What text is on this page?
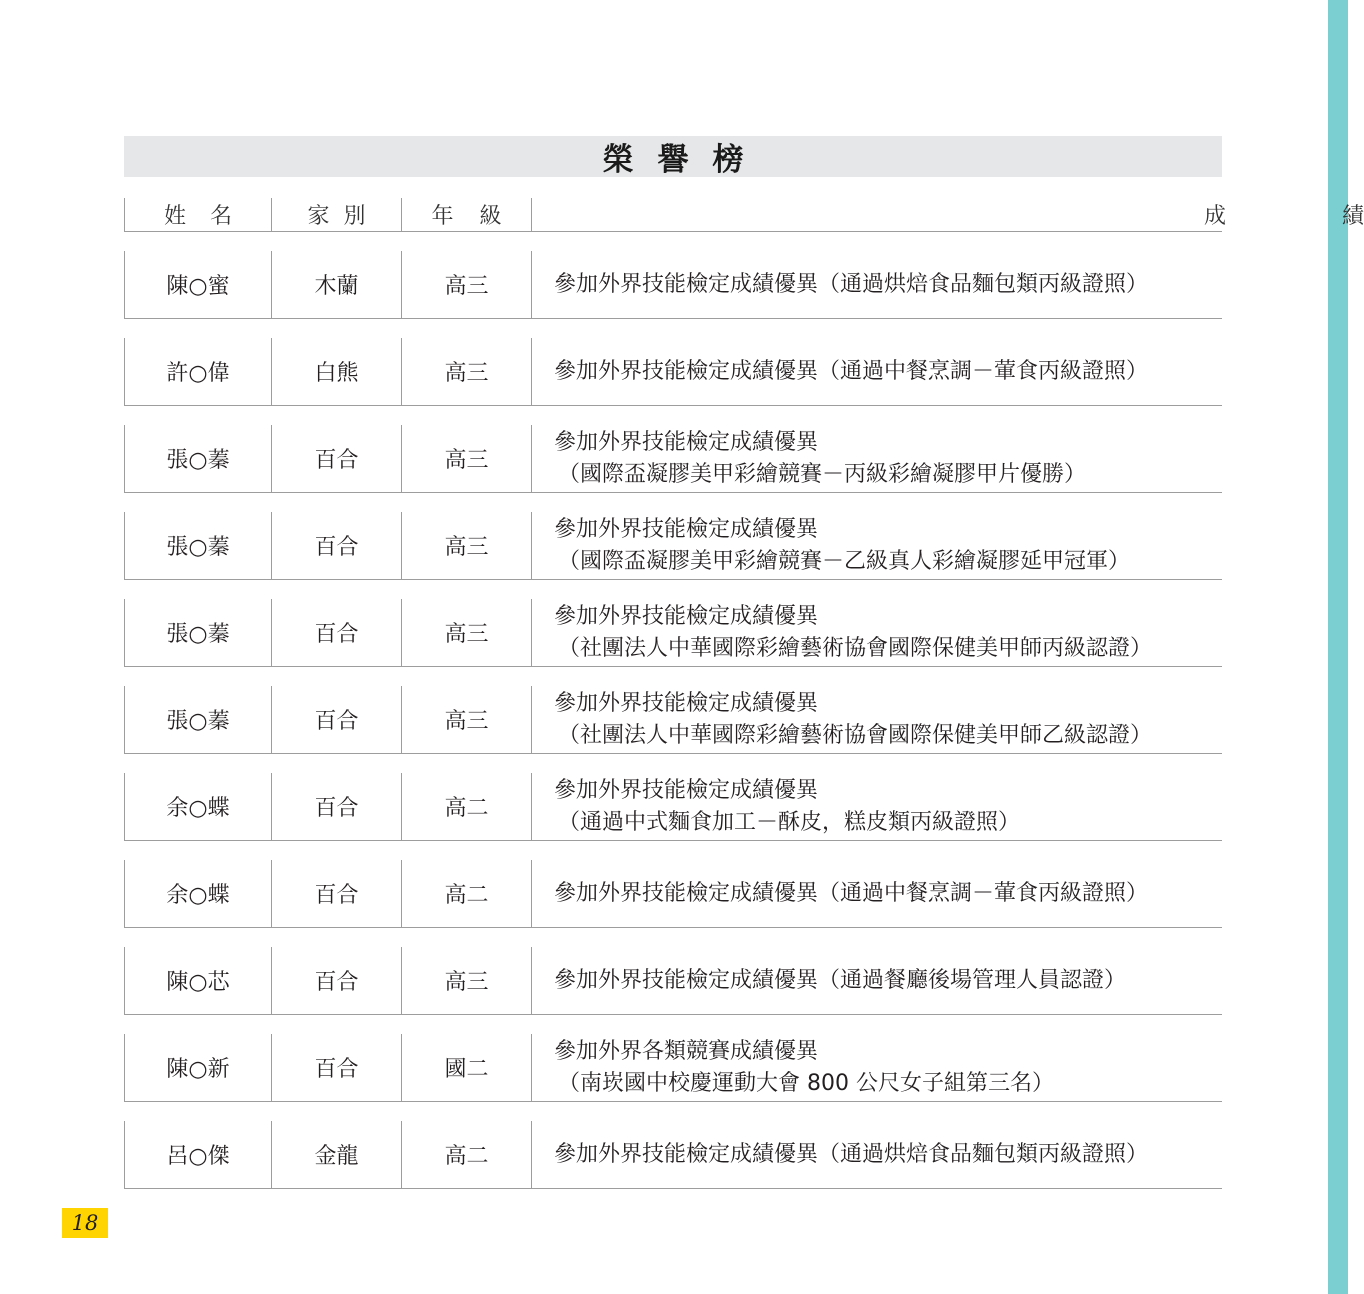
榮譽榜
姓名 家別 年級	成	績
陳○蜜	木蘭	高三	參加外界技能檢定成績優異（通過烘焙食品麵包類丙級證照）
許○偉	白熊	高三	參加外界技能檢定成績優異（通過中餐烹調－葷食丙級證照）
張○蓁	百合	高三
參加外界技能檢定成績優異
（國際盃凝膠美甲彩繪競賽－丙級彩繪凝膠甲片優勝）
張○蓁	百合	高三
參加外界技能檢定成績優異
（國際盃凝膠美甲彩繪競賽－乙級真人彩繪凝膠延甲冠軍）
張○蓁	百合	高三
參加外界技能檢定成績優異
（社團法人中華國際彩繪藝術協會國際保健美甲師丙級認證）
張○蓁	百合	高三
參加外界技能檢定成績優異
（社團法人中華國際彩繪藝術協會國際保健美甲師乙級認證）
余○蝶	百合	高二
參加外界技能檢定成績優異
（通過中式麵食加工－酥皮，糕皮類丙級證照）
余○蝶	百合	高二	參加外界技能檢定成績優異（通過中餐烹調－葷食丙級證照）
陳○芯	百合	高三	參加外界技能檢定成績優異（通過餐廳後場管理人員認證）
陳○新	百合	國二
參加外界各類競賽成績優異
（南崁國中校慶運動大會 800 公尺女子組第三名）
呂○傑	金龍	高二	參加外界技能檢定成績優異（通過烘焙食品麵包類丙級證照）
18
